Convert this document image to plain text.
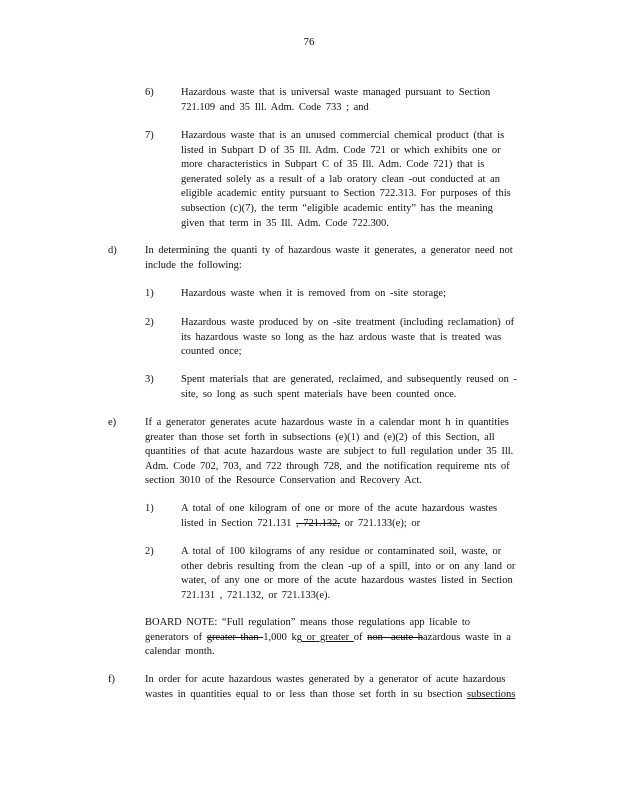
76
6)	Hazardous waste that is universal waste managed pursuant to Section
721.109 and 35 Ill. Adm. Code 733 ; and
7)	Hazardous waste that is an unused commercial chemical product (that is
listed in Subpart D of 35 Ill. Adm. Code 721 or which exhibits one or
more characteristics in Subpart C of 35 Ill. Adm. Code 721) that is
generated solely as a result of a lab oratory clean -out conducted at an
eligible academic entity pursuant to Section 722.313. For purposes of this
subsection (c)(7), the term “eligible academic entity” has the meaning
given that term in 35 Ill. Adm. Code 722.300.
d)	In determining the quanti ty of hazardous waste it generates, a generator need not
include the following:
1)	Hazardous waste when it is removed from on -site storage;
2)	Hazardous waste produced by on -site treatment (including reclamation) of
its hazardous waste so long as the haz ardous waste that is treated was
counted once;
3)	Spent materials that are generated, reclaimed, and subsequently reused on -
site, so long as such spent materials have been counted once.
e)	If a generator generates acute hazardous waste in a calendar mont h in quantities
greater than those set forth in subsections (e)(1) and (e)(2) of this Section, all
quantities of that acute hazardous waste are subject to full regulation under 35 Ill.
Adm. Code 702, 703, and 722 through 728, and the notification requireme nts of
section 3010 of the Resource Conservation and Recovery Act.
1)	A total of one kilogram of one or more of the acute hazardous wastes
listed in Section 721.131 , 721.132, or 721.133(e); or
2)	A total of 100 kilograms of any residue or contaminated soil, waste, or
other debris resulting from the clean -up of a spill, into or on any land or
water, of any one or more of the acute hazardous wastes listed in Section
721.131 , 721.132, or 721.133(e).
BOARD NOTE: “Full regulation” means those regulations app licable to
generators of greater than 1,000 kg or greater of non -acute hazardous waste in a
calendar month.
f)	In order for acute hazardous wastes generated by a generator of acute hazardous
wastes in quantities equal to or less than those set forth in su bsection subsections
